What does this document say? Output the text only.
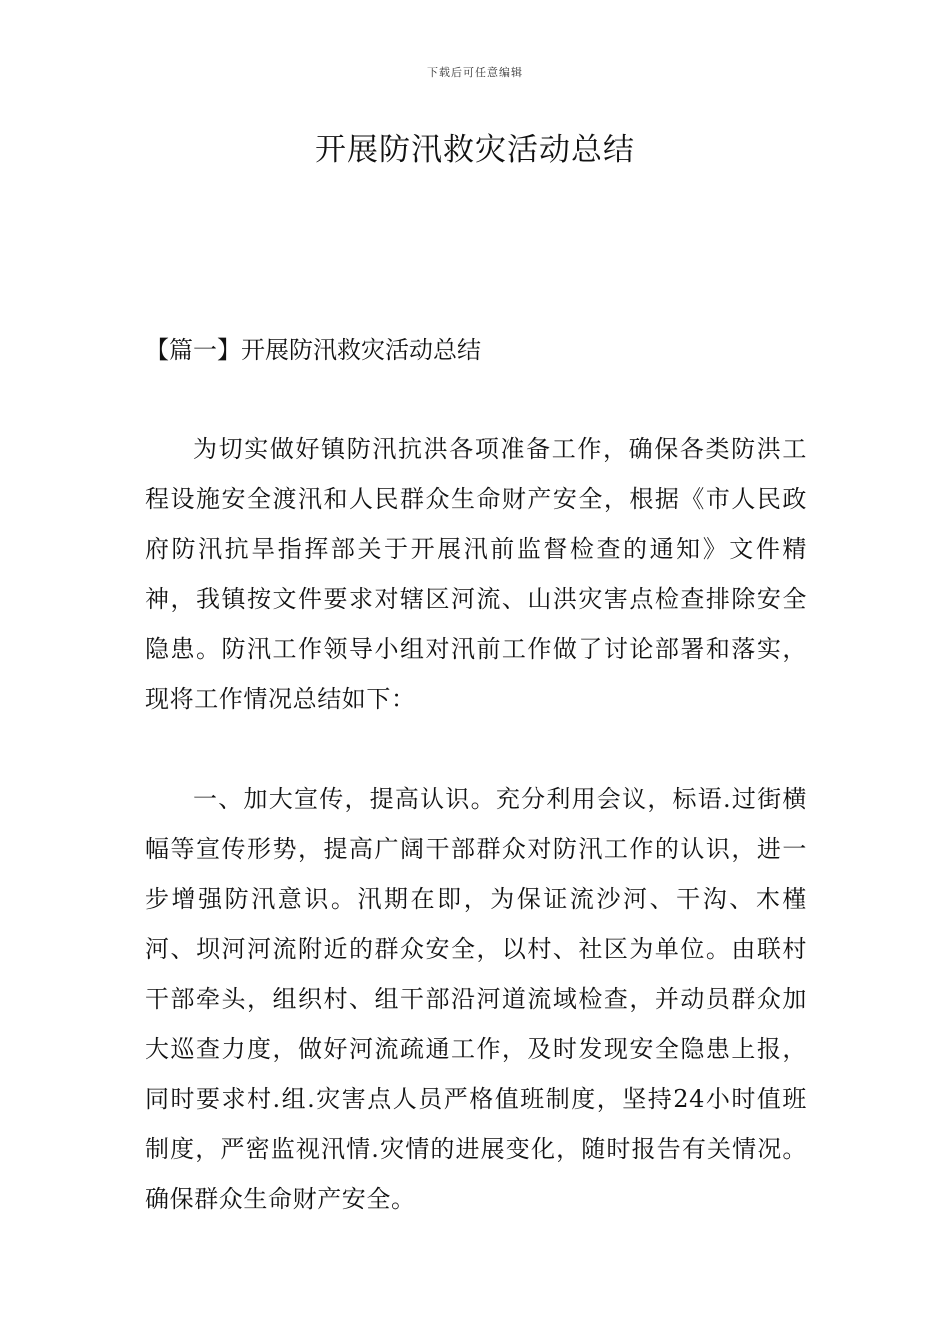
下载后可任意编辑
开展防汛救灾活动总结
【篇一】开展防汛救灾活动总结

为切实做好镇防汛抗洪各项准备工作，确保各类防洪工程设施安全渡汛和人民群众生命财产安全，根据《市人民政府防汛抗旱指挥部关于开展汛前监督检查的通知》文件精神，我镇按文件要求对辖区河流、山洪灾害点检查排除安全隐患。防汛工作领导小组对汛前工作做了讨论部署和落实，现将工作情况总结如下：

一、加大宣传，提高认识。充分利用会议，标语.过街横幅等宣传形势，提高广阔干部群众对防汛工作的认识，进一步增强防汛意识。汛期在即，为保证流沙河、干沟、木槿河、坝河河流附近的群众安全，以村、社区为单位。由联村干部牵头，组织村、组干部沿河道流域检查，并动员群众加大巡查力度，做好河流疏通工作，及时发现安全隐患上报，同时要求村.组.灾害点人员严格值班制度，坚持24小时值班制度，严密监视汛情.灾情的进展变化，随时报告有关情况。确保群众生命财产安全。
